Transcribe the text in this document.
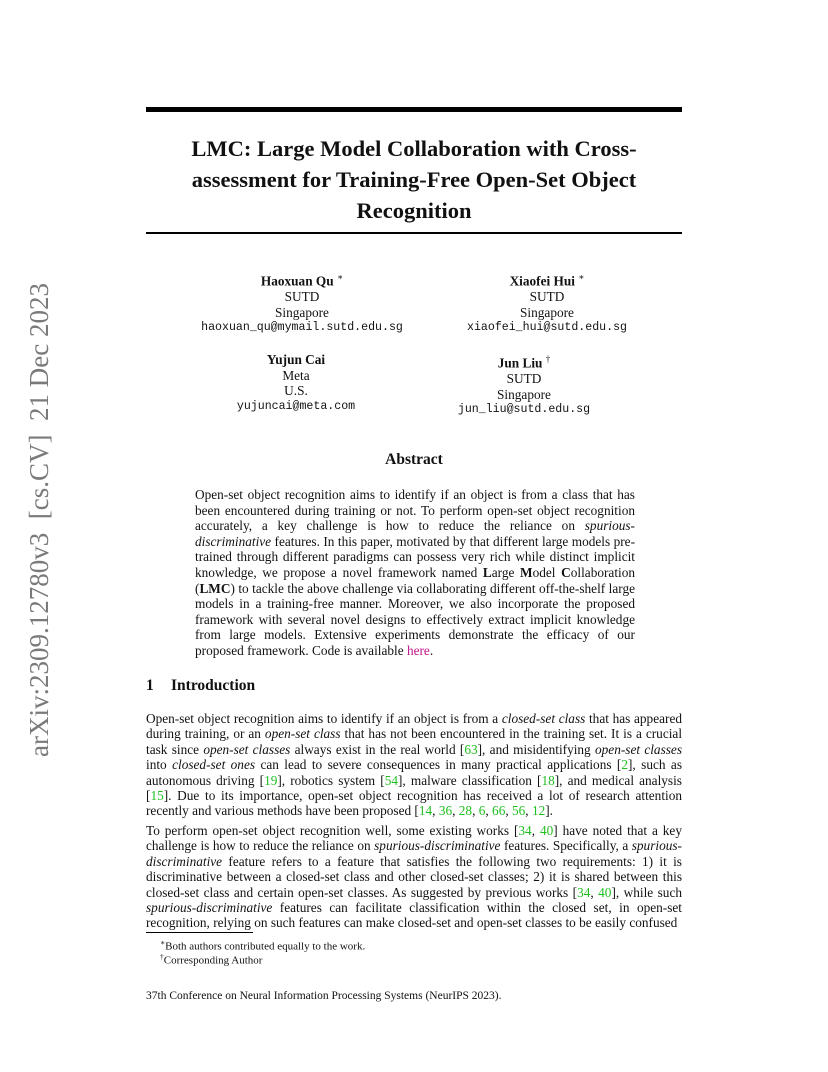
arXiv:2309.12780v3  [cs.CV]  21 Dec 2023
LMC: Large Model Collaboration with Cross-assessment for Training-Free Open-Set Object Recognition
Haoxuan Qu ∗
SUTD
Singapore
haoxuan_qu@mymail.sutd.edu.sg
Xiaofei Hui ∗
SUTD
Singapore
xiaofei_hui@sutd.edu.sg
Yujun Cai
Meta
U.S.
yujuncai@meta.com
Jun Liu †
SUTD
Singapore
jun_liu@sutd.edu.sg
Abstract

Open-set object recognition aims to identify if an object is from a class that has been encountered during training or not. To perform open-set object recognition accurately, a key challenge is how to reduce the reliance on spurious-discriminative features. In this paper, motivated by that different large models pre-trained through different paradigms can possess very rich while distinct implicit knowledge, we propose a novel framework named Large Model Collaboration (LMC) to tackle the above challenge via collaborating different off-the-shelf large models in a training-free manner. Moreover, we also incorporate the proposed framework with several novel designs to effectively extract implicit knowledge from large models. Extensive experiments demonstrate the efficacy of our proposed framework. Code is available here.

1 Introduction

Open-set object recognition aims to identify if an object is from a closed-set class that has appeared during training, or an open-set class that has not been encountered in the training set. It is a crucial task since open-set classes always exist in the real world [63], and misidentifying open-set classes into closed-set ones can lead to severe consequences in many practical applications [2], such as autonomous driving [19], robotics system [54], malware classification [18], and medical analysis [15]. Due to its importance, open-set object recognition has received a lot of research attention recently and various methods have been proposed [14, 36, 28, 6, 66, 56, 12].

To perform open-set object recognition well, some existing works [34, 40] have noted that a key challenge is how to reduce the reliance on spurious-discriminative features. Specifically, a spurious-discriminative feature refers to a feature that satisfies the following two requirements: 1) it is discriminative between a closed-set class and other closed-set classes; 2) it is shared between this closed-set class and certain open-set classes. As suggested by previous works [34, 40], while such spurious-discriminative features can facilitate classification within the closed set, in open-set recognition, relying on such features can make closed-set and open-set classes to be easily confused

∗Both authors contributed equally to the work.

†Corresponding Author

37th Conference on Neural Information Processing Systems (NeurIPS 2023).
